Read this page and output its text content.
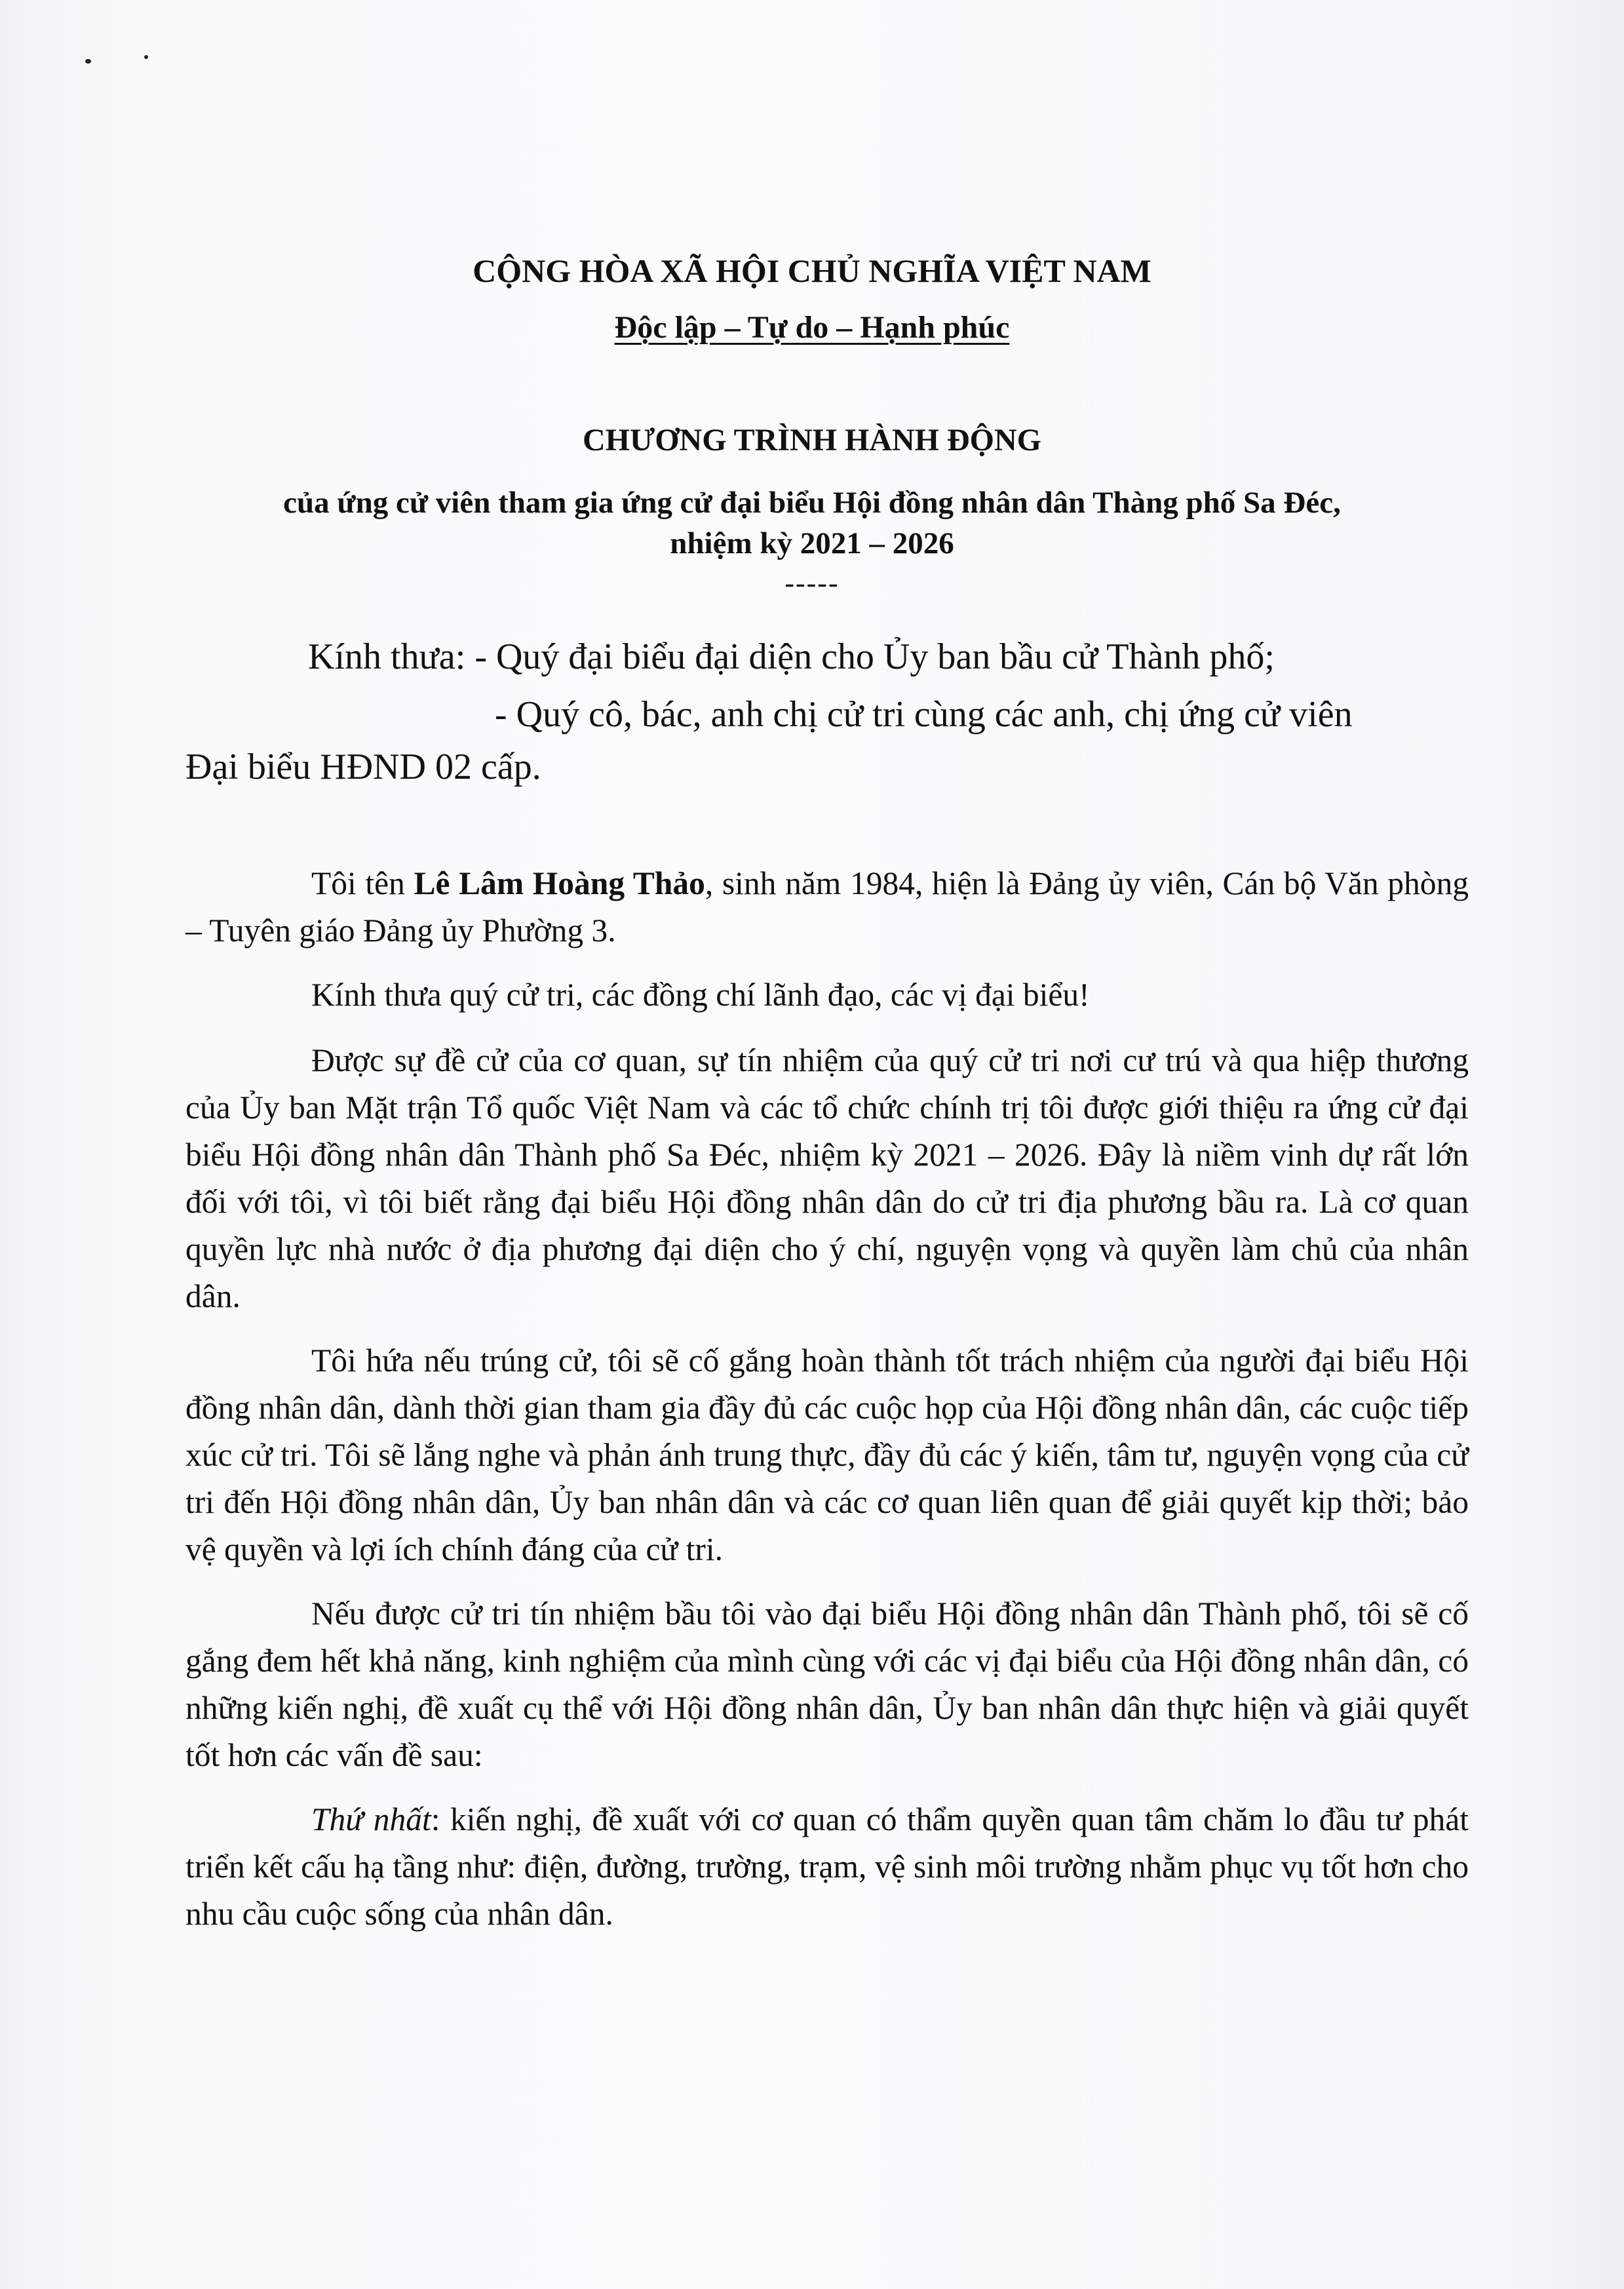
CỘNG HÒA XÃ HỘI CHỦ NGHĨA VIỆT NAM
Độc lập – Tự do – Hạnh phúc
CHƯƠNG TRÌNH HÀNH ĐỘNG
của ứng cử viên tham gia ứng cử đại biểu Hội đồng nhân dân Thàng phố Sa Đéc,
nhiệm kỳ 2021 – 2026
-----
Kính thưa: - Quý đại biểu đại diện cho Ủy ban bầu cử Thành phố;
- Quý cô, bác, anh chị cử tri cùng các anh, chị ứng cử viên
Đại biểu HĐND 02 cấp.

Tôi tên Lê Lâm Hoàng Thảo, sinh năm 1984, hiện là Đảng ủy viên, Cán bộ Văn phòng – Tuyên giáo Đảng ủy Phường 3.

Kính thưa quý cử tri, các đồng chí lãnh đạo, các vị đại biểu!

Được sự đề cử của cơ quan, sự tín nhiệm của quý cử tri nơi cư trú và qua hiệp thương của Ủy ban Mặt trận Tổ quốc Việt Nam và các tổ chức chính trị tôi được giới thiệu ra ứng cử đại biểu Hội đồng nhân dân Thành phố Sa Đéc, nhiệm kỳ 2021 – 2026. Đây là niềm vinh dự rất lớn đối với tôi, vì tôi biết rằng đại biểu Hội đồng nhân dân do cử tri địa phương bầu ra. Là cơ quan quyền lực nhà nước ở địa phương đại diện cho ý chí, nguyện vọng và quyền làm chủ của nhân dân.

Tôi hứa nếu trúng cử, tôi sẽ cố gắng hoàn thành tốt trách nhiệm của người đại biểu Hội đồng nhân dân, dành thời gian tham gia đầy đủ các cuộc họp của Hội đồng nhân dân, các cuộc tiếp xúc cử tri. Tôi sẽ lắng nghe và phản ánh trung thực, đầy đủ các ý kiến, tâm tư, nguyện vọng của cử tri đến Hội đồng nhân dân, Ủy ban nhân dân và các cơ quan liên quan để giải quyết kịp thời; bảo vệ quyền và lợi ích chính đáng của cử tri.

Nếu được cử tri tín nhiệm bầu tôi vào đại biểu Hội đồng nhân dân Thành phố, tôi sẽ cố gắng đem hết khả năng, kinh nghiệm của mình cùng với các vị đại biểu của Hội đồng nhân dân, có những kiến nghị, đề xuất cụ thể với Hội đồng nhân dân, Ủy ban nhân dân thực hiện và giải quyết tốt hơn các vấn đề sau:

Thứ nhất: kiến nghị, đề xuất với cơ quan có thẩm quyền quan tâm chăm lo đầu tư phát triển kết cấu hạ tầng như: điện, đường, trường, trạm, vệ sinh môi trường nhằm phục vụ tốt hơn cho nhu cầu cuộc sống của nhân dân.
